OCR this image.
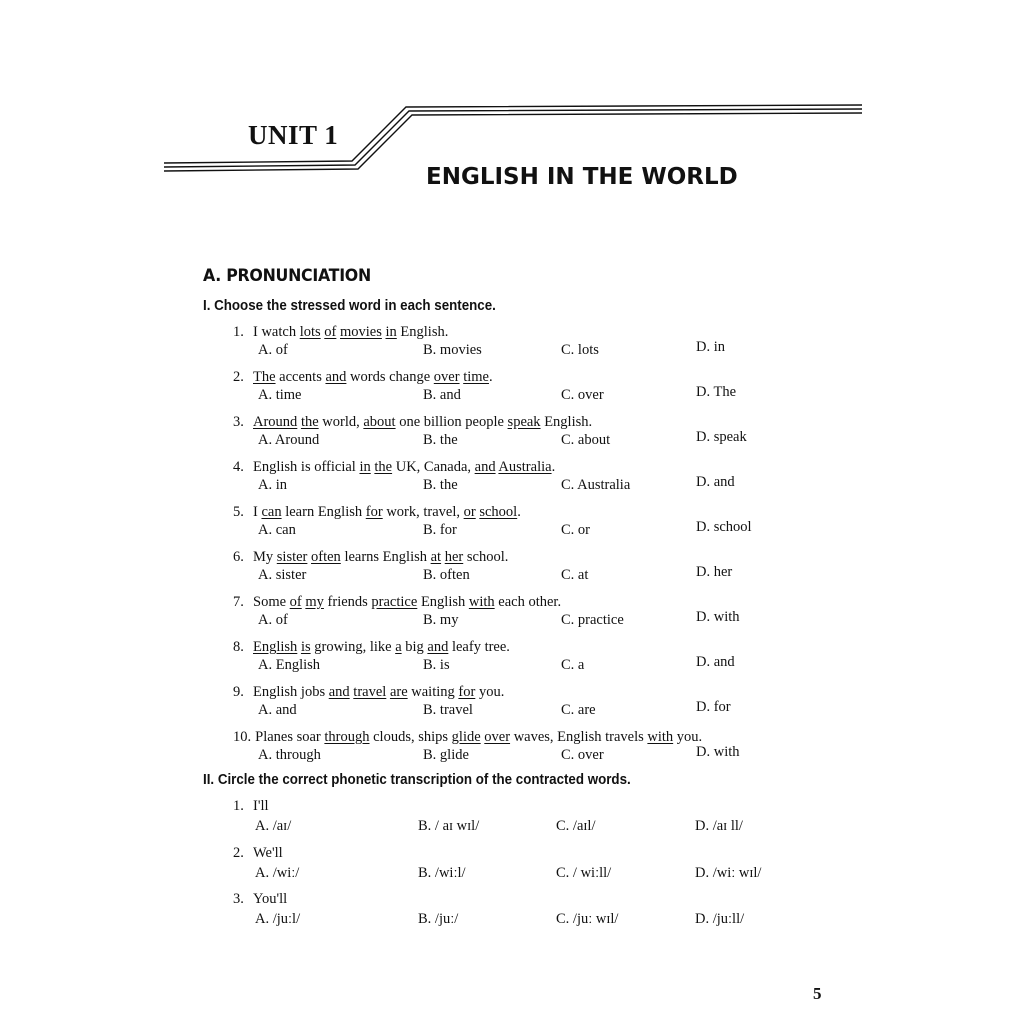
UNIT 1
ENGLISH IN THE WORLD
A. PRONUNCIATION
I. Choose the stressed word in each sentence.
1. I watch lots of movies in English.
A. of	B. movies	C. lots	D. in
2. The accents and words change over time.
A. time	B. and	C. over	D. The
3. Around the world, about one billion people speak English.
A. Around	B. the	C. about	D. speak
4. English is official in the UK, Canada, and Australia.
A. in	B. the	C. Australia	D. and
5. I can learn English for work, travel, or school.
A. can	B. for	C. or	D. school
6. My sister often learns English at her school.
A. sister	B. often	C. at	D. her
7. Some of my friends practice English with each other.
A. of	B. my	C. practice	D. with
8. English is growing, like a big and leafy tree.
A. English	B. is	C. a	D. and
9. English jobs and travel are waiting for you.
A. and	B. travel	C. are	D. for
10. Planes soar through clouds, ships glide over waves, English travels with you.
A. through	B. glide	C. over	D. with
II. Circle the correct phonetic transcription of the contracted words.
1. I'll
A. /aɪ/	B. / aɪ wɪl/	C. /aɪl/	D. /aɪ ll/
2. We'll
A. /wiː/	B. /wiːl/	C. / wiːll/	D. /wiː wɪl/
3. You'll
A. /juːl/	B. /juː/	C. /juː wɪl/	D. /juːll/
5
